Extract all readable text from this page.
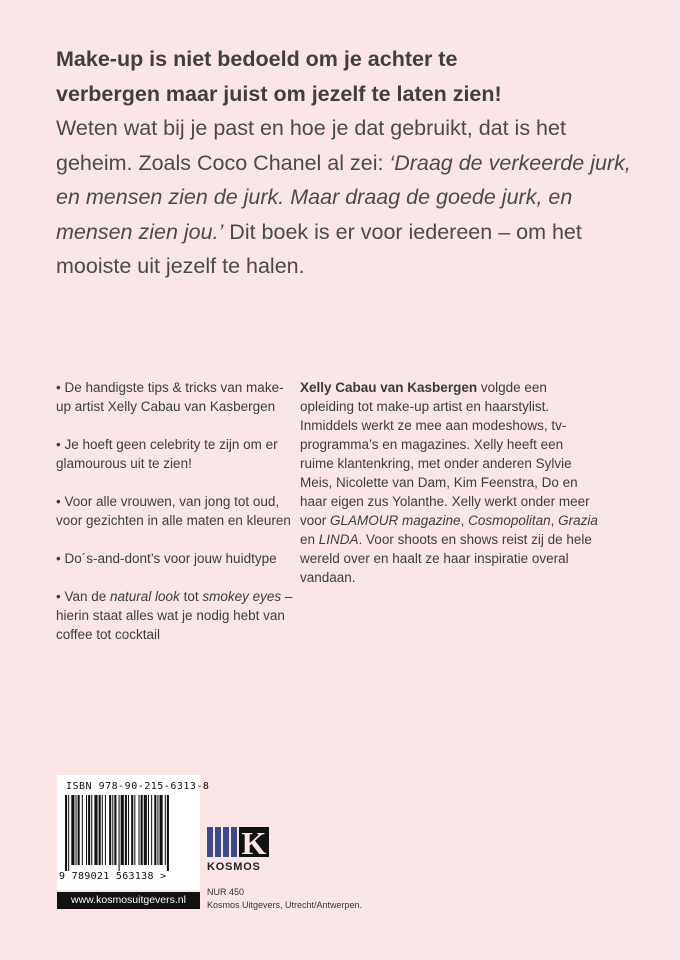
Make-up is niet bedoeld om je achter te
verbergen maar juist om jezelf te laten zien!
Weten wat bij je past en hoe je dat gebruikt, dat is het geheim. Zoals Coco Chanel al zei: ‘Draag de verkeerde jurk, en mensen zien de jurk. Maar draag de goede jurk, en mensen zien jou.’ Dit boek is er voor iedereen – om het mooiste uit jezelf te halen.
• De handigste tips & tricks van make-up artist Xelly Cabau van Kasbergen
• Je hoeft geen celebrity te zijn om er glamourous uit te zien!
• Voor alle vrouwen, van jong tot oud, voor gezichten in alle maten en kleuren
• Do´s-and-dont’s voor jouw huidtype
• Van de natural look tot smokey eyes – hierin staat alles wat je nodig hebt van coffee tot cocktail
Xelly Cabau van Kasbergen volgde een opleiding tot make-up artist en haarstylist. Inmiddels werkt ze mee aan modeshows, tv-programma’s en magazines. Xelly heeft een ruime klantenkring, met onder anderen Sylvie Meis, Nicolette van Dam, Kim Feenstra, Do en haar eigen zus Yolanthe. Xelly werkt onder meer voor GLAMOUR magazine, Cosmopolitan, Grazia en LINDA. Voor shoots en shows reist zij de hele wereld over en haalt ze haar inspiratie overal vandaan.
ISBN 978-90-215-6313-8
9 789021 563138 >
www.kosmosuitgevers.nl
K
KOSMOS
NUR 450
Kosmos Uitgevers, Utrecht/Antwerpen.
